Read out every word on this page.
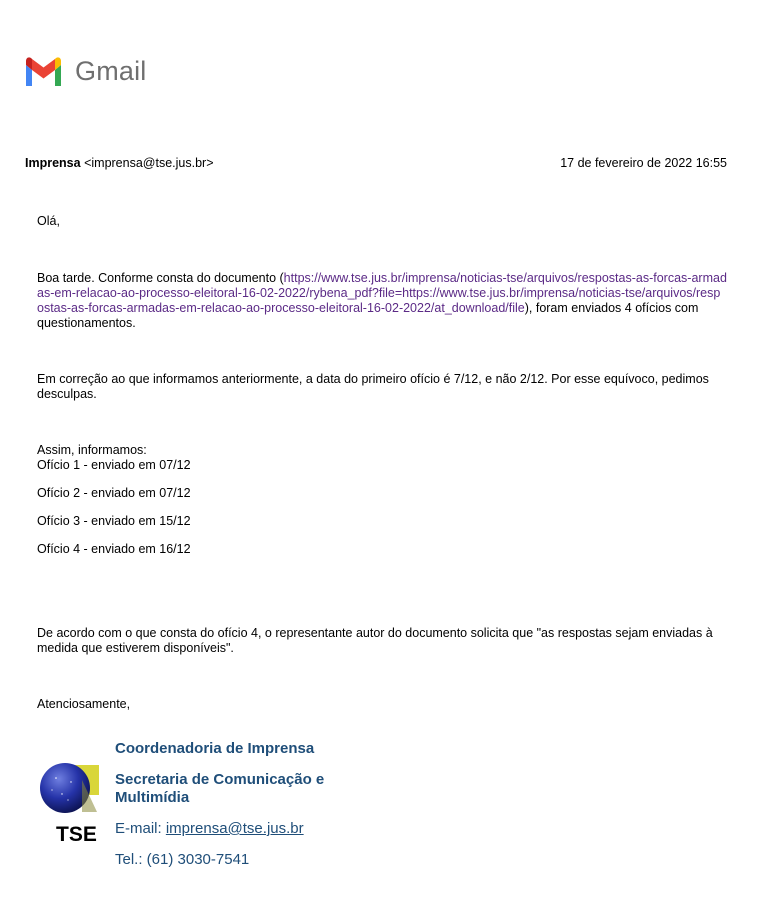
Gmail
Imprensa <imprensa@tse.jus.br>	17 de fevereiro de 2022 16:55

Olá,

Boa tarde. Conforme consta do documento (https://www.tse.jus.br/imprensa/noticias-tse/arquivos/respostas-as-forcas-armadas-em-relacao-ao-processo-eleitoral-16-02-2022/rybena_pdf?file=https://www.tse.jus.br/imprensa/noticias-tse/arquivos/respostas-as-forcas-armadas-em-relacao-ao-processo-eleitoral-16-02-2022/at_download/file), foram enviados 4 ofícios com questionamentos.

Em correção ao que informamos anteriormente, a data do primeiro ofício é 7/12, e não 2/12. Por esse equívoco, pedimos desculpas.

Assim, informamos:

Ofício 1 - enviado em 07/12

Ofício 2 - enviado em 07/12

Ofício 3 - enviado em 15/12

Ofício 4 - enviado em 16/12

De acordo com o que consta do ofício 4, o representante autor do documento solicita que "as respostas sejam enviadas à medida que estiverem disponíveis".

Atenciosamente,

TSE
Coordenadoria de Imprensa
Secretaria de Comunicação e Multimídia
E-mail: imprensa@tse.jus.br
Tel.: (61) 3030-7541
